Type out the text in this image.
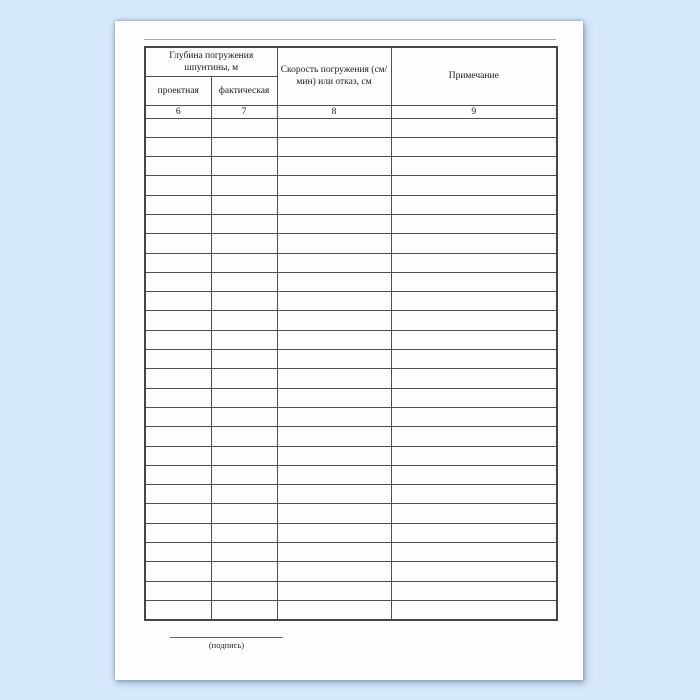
Глубина погружения шпунтины, м		Скорость погружения (см/мин) или отказ, см	Примечание
проектная	фактическая		
6	7	8	9

(подпись)
